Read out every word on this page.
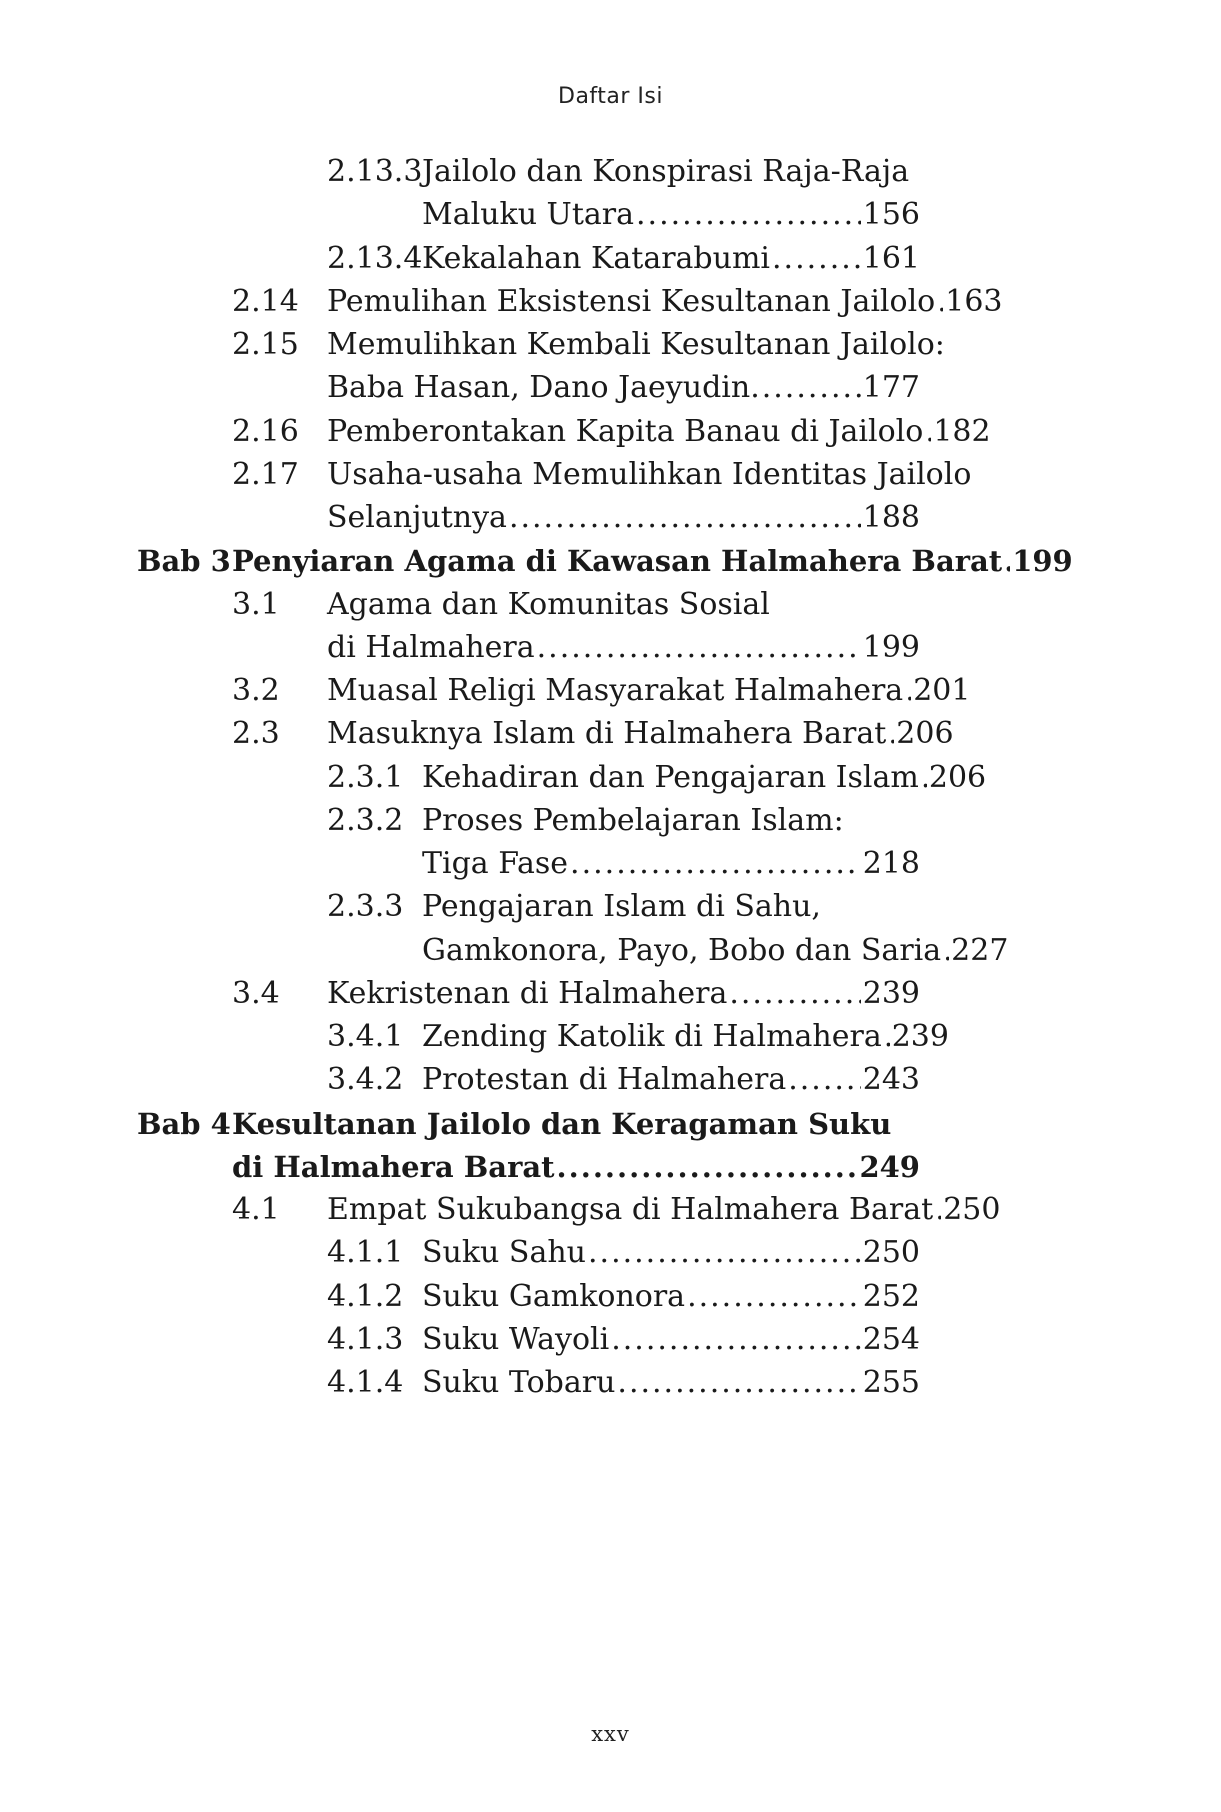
Daftar Isi
2.13.3 Jailolo dan Konspirasi Raja-Raja
Maluku Utara .....	156
2.13.4 Kekalahan Katarabumi .....	161
2.14 Pemulihan Eksistensi Kesultanan Jailolo ..... 163
2.15 Memulihkan Kembali Kesultanan Jailolo:
Baba Hasan, Dano Jaeyudin. .....	177
2.16 Pemberontakan Kapita Banau di Jailolo ..... 182
2.17 Usaha-usaha Memulihkan Identitas Jailolo
Selanjutnya .....	188
Bab 3 Penyiaran Agama di Kawasan Halmahera Barat ..... 199
3.1 Agama dan Komunitas Sosial
di Halmahera .....	199
3.2 Muasal Religi Masyarakat Halmahera ..... 201
2.3 Masuknya Islam di Halmahera Barat ..... 206
2.3.1 Kehadiran dan Pengajaran Islam ..... 206
2.3.2 Proses Pembelajaran Islam:
Tiga Fase .....	218
2.3.3 Pengajaran Islam di Sahu,
Gamkonora, Payo, Bobo dan Saria ..... 227
3.4 Kekristenan di Halmahera .....	239
3.4.1 Zending Katolik di Halmahera ..... 239
3.4.2 Protestan di Halmahera .....	243
Bab 4 Kesultanan Jailolo dan Keragaman Suku
di Halmahera Barat .....	249
4.1 Empat Sukubangsa di Halmahera Barat ..... 250
4.1.1 Suku Sahu .....	250
4.1.2 Suku Gamkonora .....	252
4.1.3 Suku Wayoli .....	254
4.1.4 Suku Tobaru .....	255
xxv
